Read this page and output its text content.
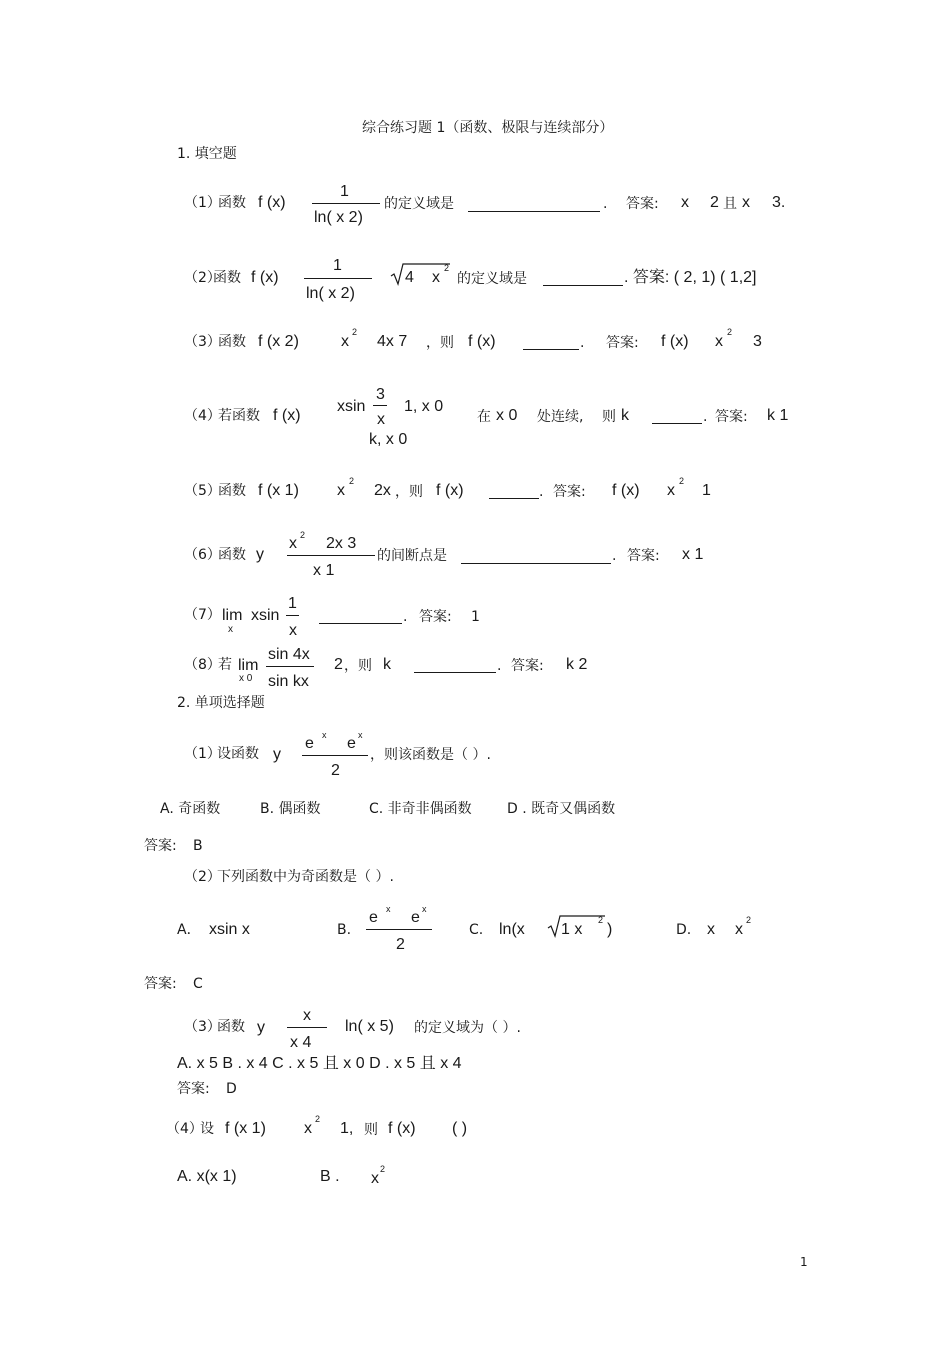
综合练习题 1（函数、极限与连续部分）
1. 填空题
（1）
函数 f (x)
1
ln( x 2)
的定义域是	. 答案: x 2 且 x 3.
（2）
函数 f (x)
1
ln( x 2)
4 x
2
的定义域是	. 答案: ( 2, 1) ( 1,2]
（3）
函数 f (x 2)	x
2
4x 7 ，则 f (x)	. 答案: f (x) x
2
3
（4）
若函数 f (x)
xsin
3
x
1, x 0
k, x 0
在 x 0 处连续, 则 k	. 答案: k 1
（5）
函数 f (x 1) x
2
2x ，则 f (x)	. 答案: f (x) x
2
1
（6）
函数 y
x 2 2x 3
x 1
的间断点是	. 答案: x 1
（7） lim
x
xsin
1
x
. 答案: 1
（8）
若 lim
x 0
sin 4x
sin kx
2 ，则 k	. 答案: k 2
2. 单项选择题
（1）
设函数 y
e x e x
2
，则该函数是（ ）.
A. 奇函数	B. 偶函数	C. 非奇非偶函数	D . 既奇又偶函数
答案: B
（2）
下列函数中为奇函数是（ ）.
A． xsin x	B.
e x e x
2
C. ln(x 1 x
2
)	D. x x
2
答案: C
（3）
函数 y
x
x 4
ln( x 5) 的定义域为（ ）.
A. x 5 B . x 4 C . x 5 且 x 0 D . x 5 且 x 4
答案: D
（4）
设 f (x 1) x
2
1, 则 f (x) ( )
A. x(x 1)	B . x
2
1
